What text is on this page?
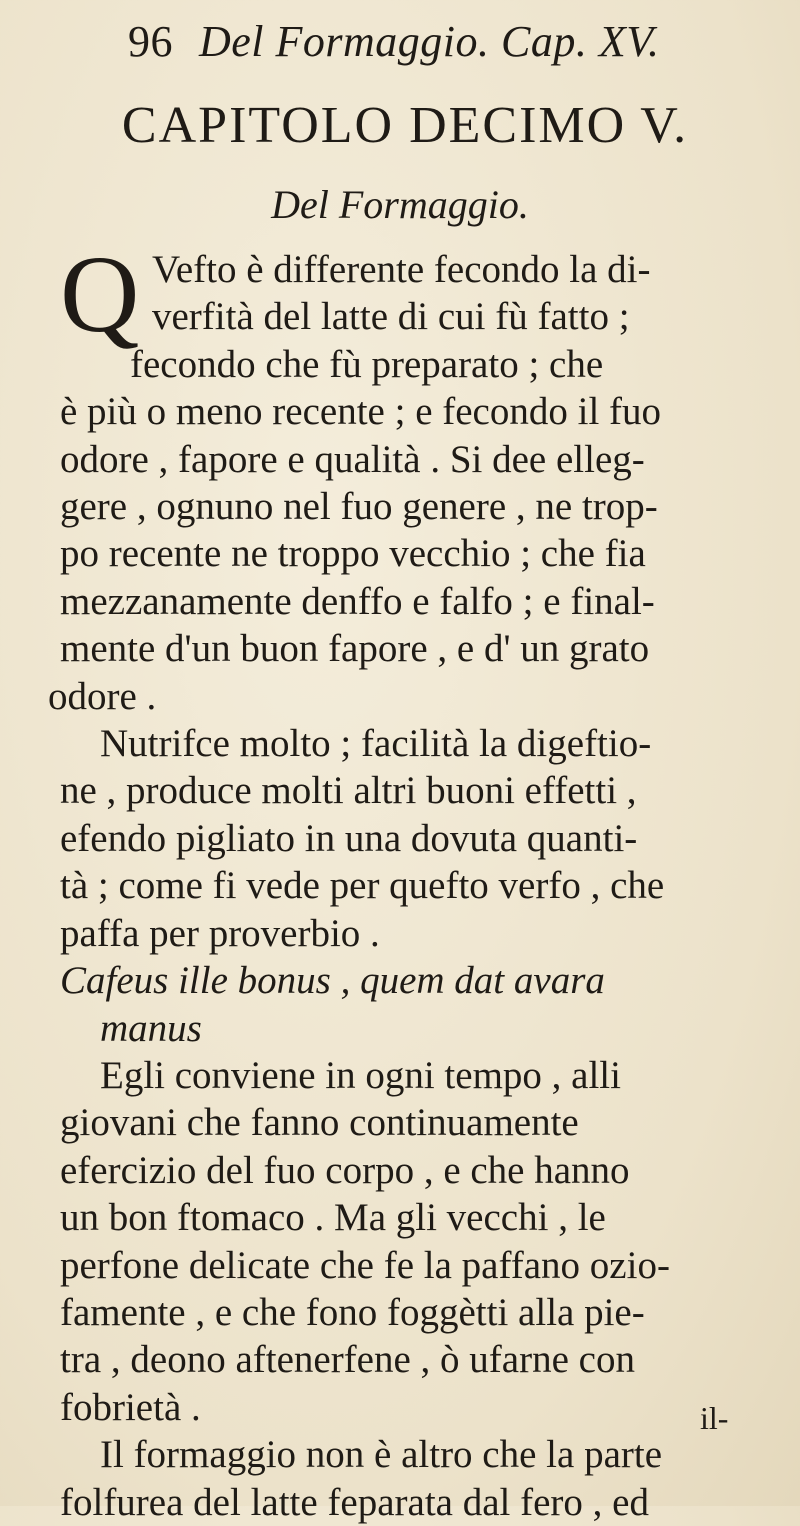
96 Del Formaggio. Cap. XV.
CAPITOLO DECIMO V.
Del Formaggio.
Q Vefto è differente fecondo la di-
verfità del latte di cui fù fatto ;
fecondo che fù preparato ; che
è più o meno recente ; e fecondo il fuo
odore , fapore e qualità . Si dee elleg-
gere , ognuno nel fuo genere , ne trop-
po recente ne troppo vecchio ; che fia
mezzanamente denffo e falfo ; e final-
mente d'un buon fapore , e d' un grato
odore .
Nutrifce molto ; facilità la digeftio-
ne , produce molti altri buoni effetti ,
efendo pigliato in una dovuta quanti-
tà ; come fi vede per quefto verfo , che
paffa per proverbio .
Cafeus ille bonus , quem dat avara
manus
Egli conviene in ogni tempo , alli
giovani che fanno continuamente
efercizio del fuo corpo , e che hanno
un bon ftomaco . Ma gli vecchi , le
perfone delicate che fe la paffano ozio-
famente , e che fono foggètti alla pie-
tra , deono aftenerfene , ò ufarne con
fobrietà .
Il formaggio non è altro che la parte
folfurea del latte feparata dal fero , ed
il-
